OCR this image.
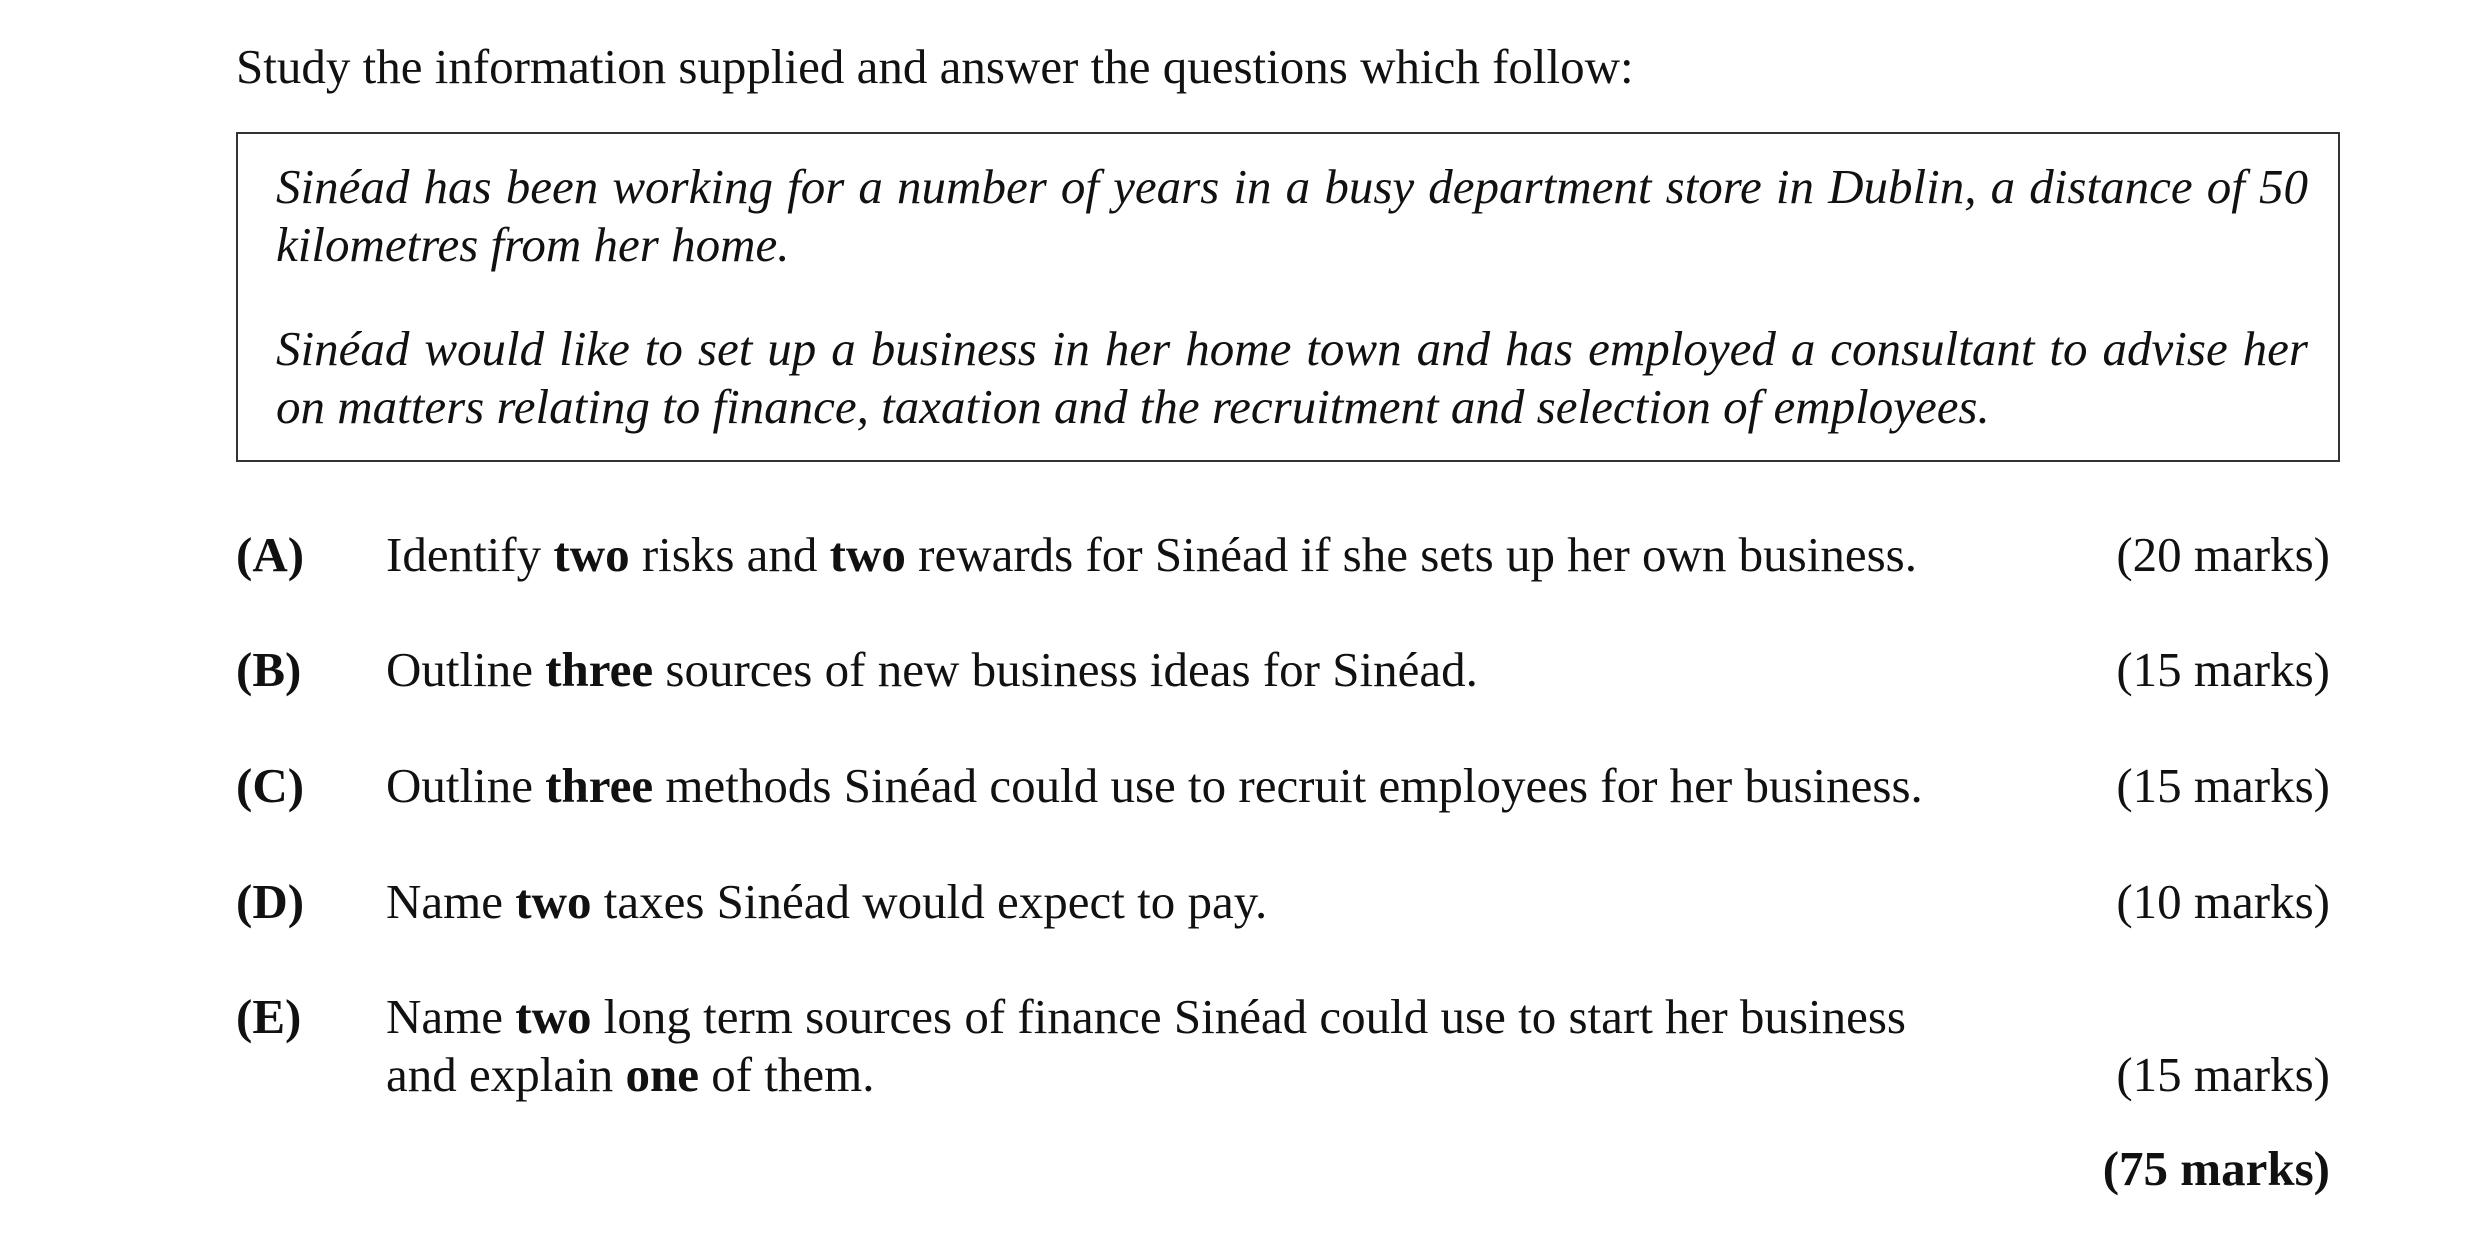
Study the information supplied and answer the questions which follow:
Sinéad has been working for a number of years in a busy department store in Dublin, a distance of 50 kilometres from her home.
Sinéad would like to set up a business in her home town and has employed a consultant to advise her on matters relating to finance, taxation and the recruitment and selection of employees.
(A) Identify two risks and two rewards for Sinéad if she sets up her own business.	(20 marks)
(B) Outline three sources of new business ideas for Sinéad.	(15 marks)
(C) Outline three methods Sinéad could use to recruit employees for her business.	(15 marks)
(D) Name two taxes Sinéad would expect to pay.	(10 marks)
(E) Name two long term sources of finance Sinéad could use to start her business
and explain one of them.	(15 marks)
(75 marks)
